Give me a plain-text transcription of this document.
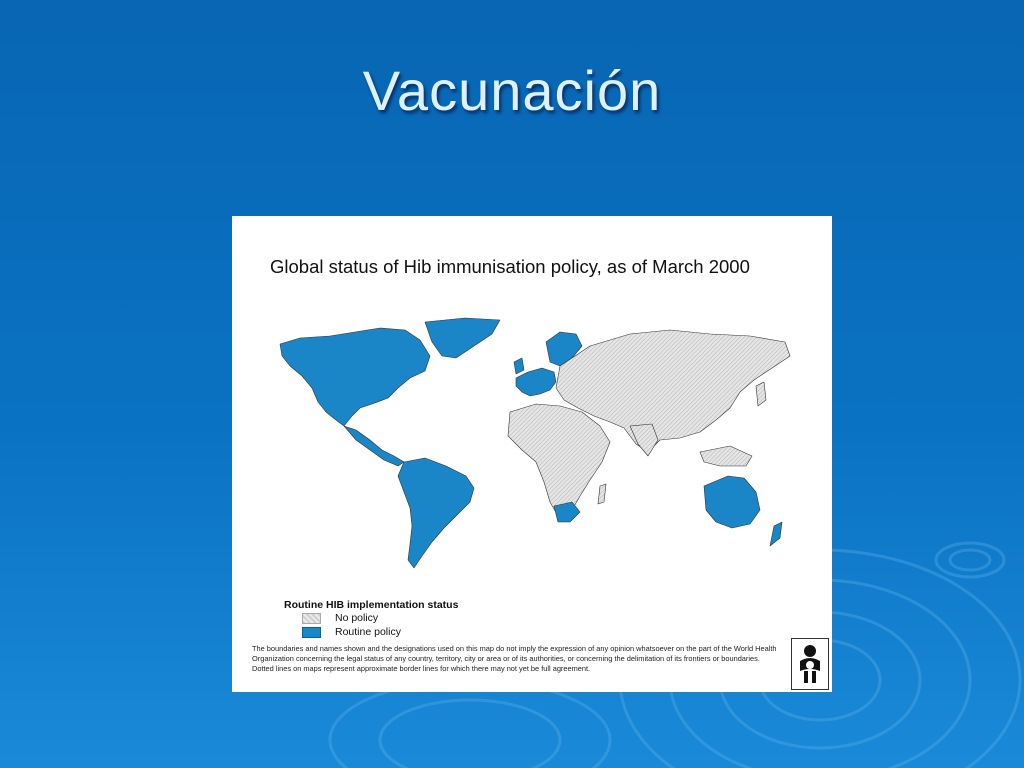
Vacunación
Global status of Hib immunisation policy, as of March 2000
Routine HIB implementation status
No policy
Routine policy
The boundaries and names shown and the designations used on this map do not imply the expression of any opinion whatsoever on the part of the World Health Organization concerning the legal status of any country, territory, city or area or of its authorities, or concerning the delimitation of its frontiers or boundaries. Dotted lines on maps represent approximate border lines for which there may not yet be full agreement.
